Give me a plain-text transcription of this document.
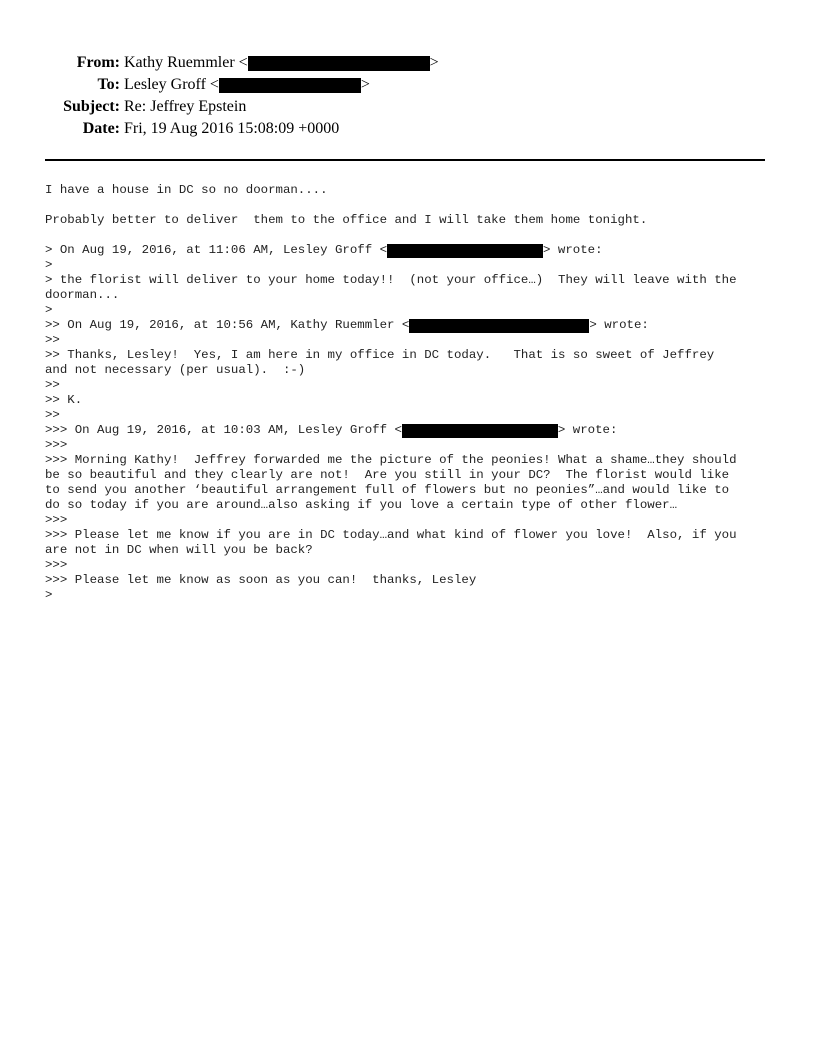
From: Kathy Ruemmler <	>
To: Lesley Groff <	>
Subject: Re: Jeffrey Epstein
Date: Fri, 19 Aug 2016 15:08:09 +0000
I have a house in DC so no doorman....
Probably better to deliver  them to the office and I will take them home tonight.
> On Aug 19, 2016, at 11:06 AM, Lesley Groff <	> wrote:
>
> the florist will deliver to your home today!!  (not your office…)  They will leave with the
doorman...
>
>> On Aug 19, 2016, at 10:56 AM, Kathy Ruemmler <	> wrote:
>>
>> Thanks, Lesley!  Yes, I am here in my office in DC today.   That is so sweet of Jeffrey
and not necessary (per usual).  :-)
>>
>> K.
>>
>>> On Aug 19, 2016, at 10:03 AM, Lesley Groff <	> wrote:
>>>
>>> Morning Kathy!  Jeffrey forwarded me the picture of the peonies! What a shame…they should
be so beautiful and they clearly are not!  Are you still in your DC?  The florist would like
to send you another ‘beautiful arrangement full of flowers but no peonies”…and would like to
do so today if you are around…also asking if you love a certain type of other flower…
>>>
>>> Please let me know if you are in DC today…and what kind of flower you love!  Also, if you
are not in DC when will you be back?
>>>
>>> Please let me know as soon as you can!  thanks, Lesley
>
